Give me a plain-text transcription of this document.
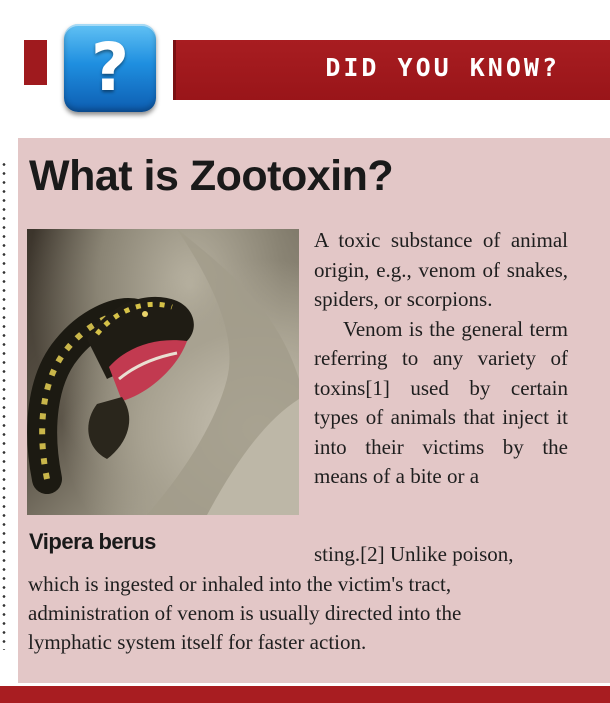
?	DID YOU KNOW?
What is Zootoxin?
Vipera berus

A toxic substance of animal origin, e.g., venom of snakes, spiders, or scorpions.

Venom is the general term referring to any variety of toxins[1] used by certain types of animals that inject it into their victims by the means of a bite or a

sting.[2] Unlike poison,
which is ingested or inhaled into the victim's tract,
administration of venom is usually directed into the
lymphatic system itself for faster action.
